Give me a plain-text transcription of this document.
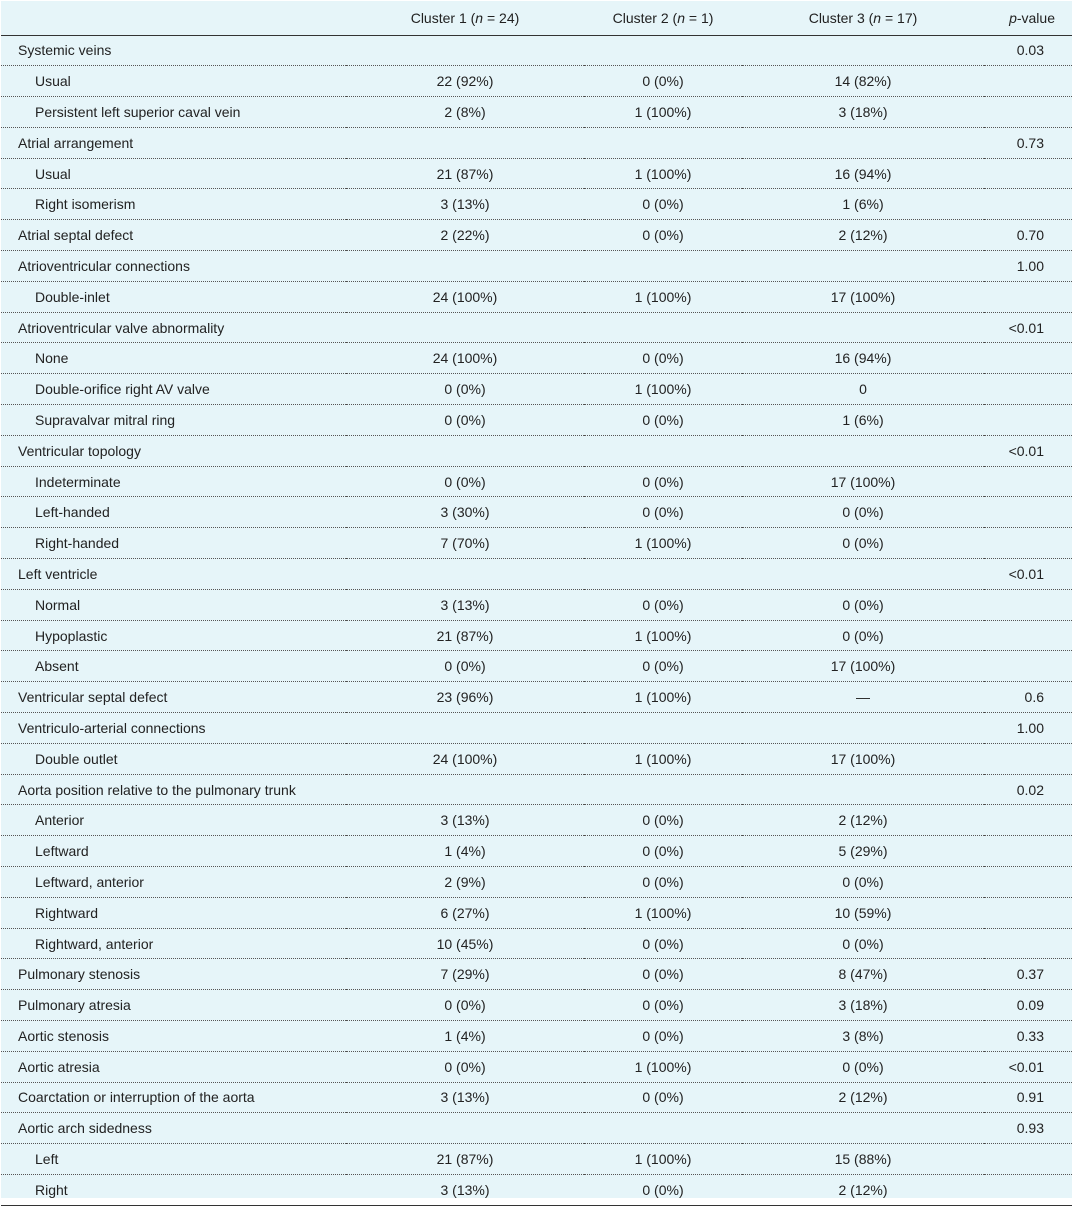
	Cluster 1 (n = 24)	Cluster 2 (n = 1)	Cluster 3 (n = 17)	p-value
Systemic veins				0.03
Usual	22 (92%)	0 (0%)	14 (82%)	
Persistent left superior caval vein	2 (8%)	1 (100%)	3 (18%)	
Atrial arrangement				0.73
Usual	21 (87%)	1 (100%)	16 (94%)	
Right isomerism	3 (13%)	0 (0%)	1 (6%)	
Atrial septal defect	2 (22%)	0 (0%)	2 (12%)	0.70
Atrioventricular connections				1.00
Double-inlet	24 (100%)	1 (100%)	17 (100%)	
Atrioventricular valve abnormality				<0.01
None	24 (100%)	0 (0%)	16 (94%)	
Double-orifice right AV valve	0 (0%)	1 (100%)	0	
Supravalvar mitral ring	0 (0%)	0 (0%)	1 (6%)	
Ventricular topology				<0.01
Indeterminate	0 (0%)	0 (0%)	17 (100%)	
Left-handed	3 (30%)	0 (0%)	0 (0%)	
Right-handed	7 (70%)	1 (100%)	0 (0%)	
Left ventricle				<0.01
Normal	3 (13%)	0 (0%)	0 (0%)	
Hypoplastic	21 (87%)	1 (100%)	0 (0%)	
Absent	0 (0%)	0 (0%)	17 (100%)	
Ventricular septal defect	23 (96%)	1 (100%)	—	0.6
Ventriculo-arterial connections				1.00
Double outlet	24 (100%)	1 (100%)	17 (100%)	
Aorta position relative to the pulmonary trunk				0.02
Anterior	3 (13%)	0 (0%)	2 (12%)	
Leftward	1 (4%)	0 (0%)	5 (29%)	
Leftward, anterior	2 (9%)	0 (0%)	0 (0%)	
Rightward	6 (27%)	1 (100%)	10 (59%)	
Rightward, anterior	10 (45%)	0 (0%)	0 (0%)	
Pulmonary stenosis	7 (29%)	0 (0%)	8 (47%)	0.37
Pulmonary atresia	0 (0%)	0 (0%)	3 (18%)	0.09
Aortic stenosis	1 (4%)	0 (0%)	3 (8%)	0.33
Aortic atresia	0 (0%)	1 (100%)	0 (0%)	<0.01
Coarctation or interruption of the aorta	3 (13%)	0 (0%)	2 (12%)	0.91
Aortic arch sidedness				0.93
Left	21 (87%)	1 (100%)	15 (88%)	
Right	3 (13%)	0 (0%)	2 (12%)	
